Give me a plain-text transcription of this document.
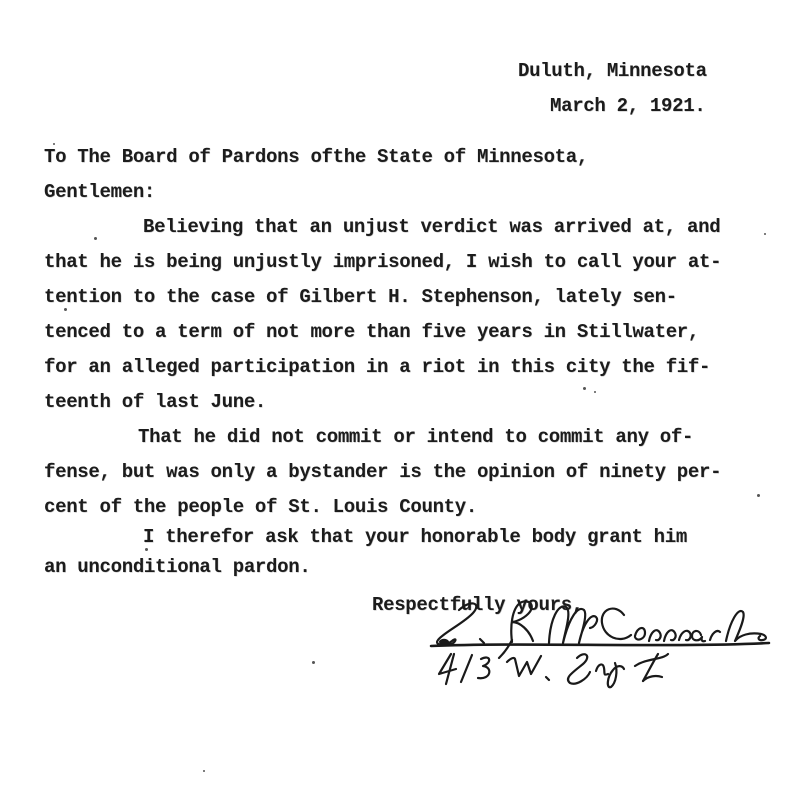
Duluth, Minnesota
March 2, 1921.
To The Board of Pardons ofthe State of Minnesota,
Gentlemen:
Believing that an unjust verdict was arrived at, and
that he is being unjustly imprisoned, I wish to call your at-
tention to the case of Gilbert H. Stephenson, lately sen-
tenced to a term of not more than five years in Stillwater,
for an alleged participation in a riot in this city the fif-
teenth of last June.
That he did not commit or intend to commit any of-
fense, but was only a bystander is the opinion of ninety per-
cent of the people of St. Louis County.
I therefor ask that your honorable body grant him
an unconditional pardon.
Respectfully yours,
